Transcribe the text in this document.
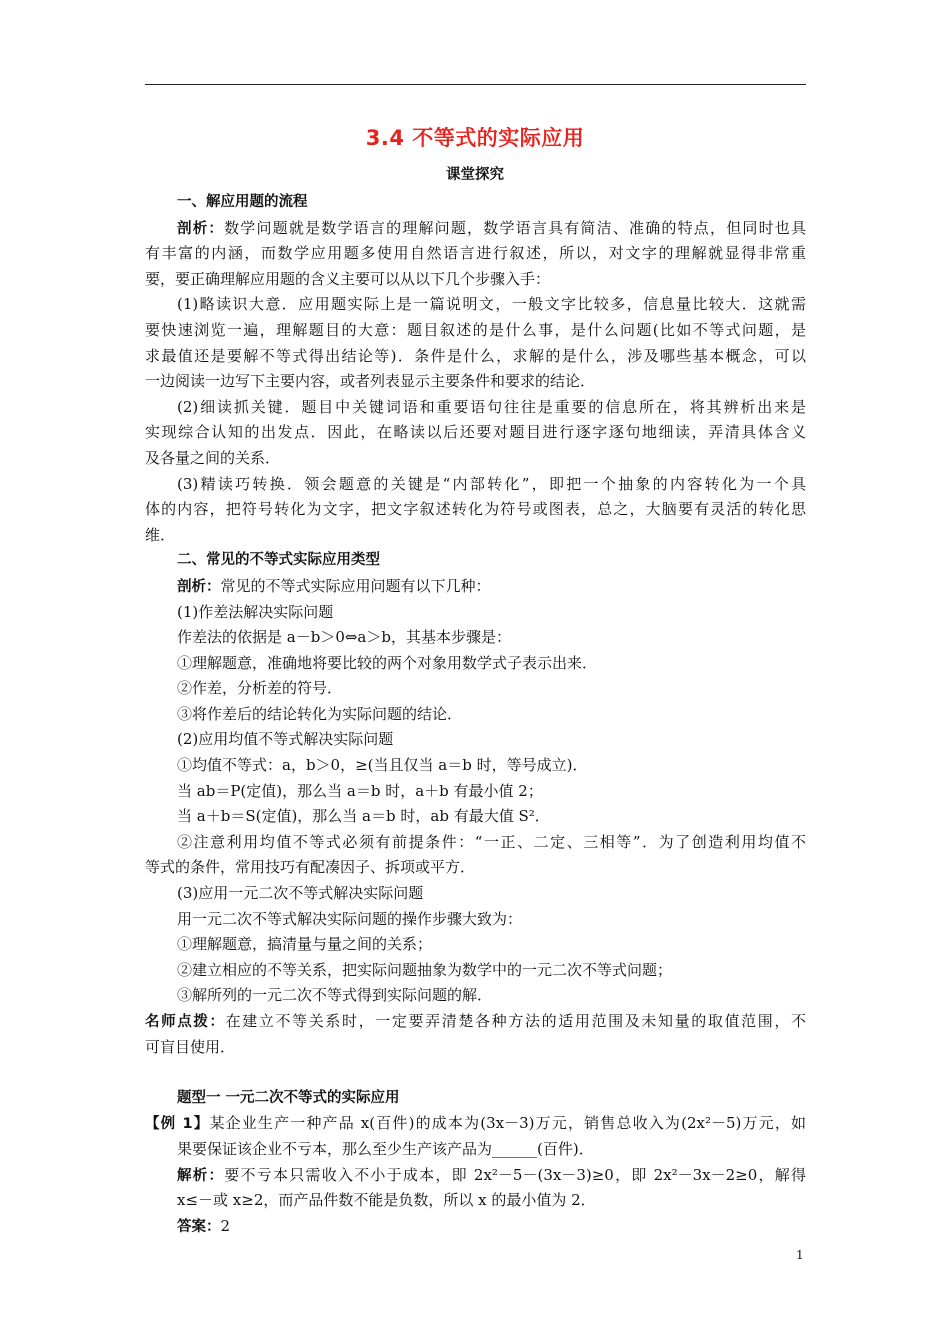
3.4 不等式的实际应用
课堂探究
一、解应用题的流程
剖析：数学问题就是数学语言的理解问题，数学语言具有简洁、准确的特点，但同时也具
有丰富的内涵，而数学应用题多使用自然语言进行叙述，所以，对文字的理解就显得非常重
要，要正确理解应用题的含义主要可以从以下几个步骤入手：
(1)略读识大意．应用题实际上是一篇说明文，一般文字比较多，信息量比较大．这就需
要快速浏览一遍，理解题目的大意：题目叙述的是什么事，是什么问题(比如不等式问题，是
求最值还是要解不等式得出结论等)．条件是什么，求解的是什么，涉及哪些基本概念，可以
一边阅读一边写下主要内容，或者列表显示主要条件和要求的结论．
(2)细读抓关键．题目中关键词语和重要语句往往是重要的信息所在，将其辨析出来是
实现综合认知的出发点．因此，在略读以后还要对题目进行逐字逐句地细读，弄清具体含义
及各量之间的关系．
(3)精读巧转换．领会题意的关键是“内部转化”，即把一个抽象的内容转化为一个具
体的内容，把符号转化为文字，把文字叙述转化为符号或图表，总之，大脑要有灵活的转化思
维．
二、常见的不等式实际应用类型
剖析：常见的不等式实际应用问题有以下几种：
(1)作差法解决实际问题
作差法的依据是 a－b＞0⇔a＞b，其基本步骤是：
①理解题意，准确地将要比较的两个对象用数学式子表示出来．
②作差，分析差的符号．
③将作差后的结论转化为实际问题的结论．
(2)应用均值不等式解决实际问题
①均值不等式：a，b＞0，≥(当且仅当 a＝b 时，等号成立)．
当 ab＝P(定值)，那么当 a＝b 时，a＋b 有最小值 2；
当 a＋b＝S(定值)，那么当 a＝b 时，ab 有最大值 S²．
②注意利用均值不等式必须有前提条件：“一正、二定、三相等”．为了创造利用均值不
等式的条件，常用技巧有配凑因子、拆项或平方．
(3)应用一元二次不等式解决实际问题
用一元二次不等式解决实际问题的操作步骤大致为：
①理解题意，搞清量与量之间的关系；
②建立相应的不等关系，把实际问题抽象为数学中的一元二次不等式问题；
③解所列的一元二次不等式得到实际问题的解．
名师点拨：在建立不等关系时，一定要弄清楚各种方法的适用范围及未知量的取值范围，不
可盲目使用．
题型一 一元二次不等式的实际应用
【例 1】某企业生产一种产品 x(百件)的成本为(3x－3)万元，销售总收入为(2x²－5)万元，如
果要保证该企业不亏本，那么至少生产该产品为______(百件)．
解析：要不亏本只需收入不小于成本，即 2x²－5－(3x－3)≥0，即 2x²－3x－2≥0，解得
x≤－或 x≥2，而产品件数不能是负数，所以 x 的最小值为 2．
答案：2
1
